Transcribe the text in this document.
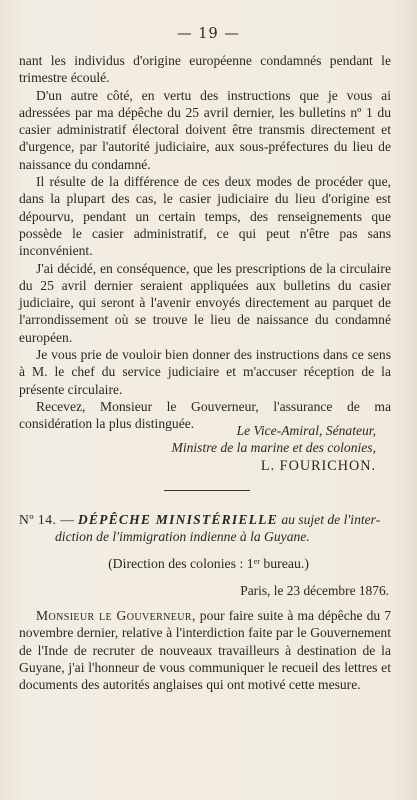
— 19 —

nant les individus d'origine européenne condamnés pendant le trimestre écoulé.

D'un autre côté, en vertu des instructions que je vous ai adressées par ma dépêche du 25 avril dernier, les bulletins nº 1 du casier administratif électoral doivent être transmis directement et d'urgence, par l'autorité judiciaire, aux sous-préfectures du lieu de naissance du condamné.

Il résulte de la différence de ces deux modes de procéder que, dans la plupart des cas, le casier judiciaire du lieu d'origine est dépourvu, pendant un certain temps, des renseignements que possède le casier administratif, ce qui peut n'être pas sans inconvénient.

J'ai décidé, en conséquence, que les prescriptions de la circulaire du 25 avril dernier seraient appliquées aux bulletins du casier judiciaire, qui seront à l'avenir envoyés directement au parquet de l'arrondissement où se trouve le lieu de naissance du condamné européen.

Je vous prie de vouloir bien donner des instructions dans ce sens à M. le chef du service judiciaire et m'accuser réception de la présente circulaire.

Recevez, Monsieur le Gouverneur, l'assurance de ma considération la plus distinguée.	Le Vice-Amiral, Sénateur,
Ministre de la marine et des colonies,
L. FOURICHON.
Nº 14. — DÉPÊCHE MINISTÉRIELLE au sujet de l'inter-
diction de l'immigration indienne à la Guyane.
(Direction des colonies : 1er bureau.)
Paris, le 23 décembre 1876.

Monsieur le Gouverneur, pour faire suite à ma dépêche du 7 novembre dernier, relative à l'interdiction faite par le Gouvernement de l'Inde de recruter de nouveaux travailleurs à destination de la Guyane, j'ai l'honneur de vous communiquer le recueil des lettres et documents des autorités anglaises qui ont motivé cette mesure.
